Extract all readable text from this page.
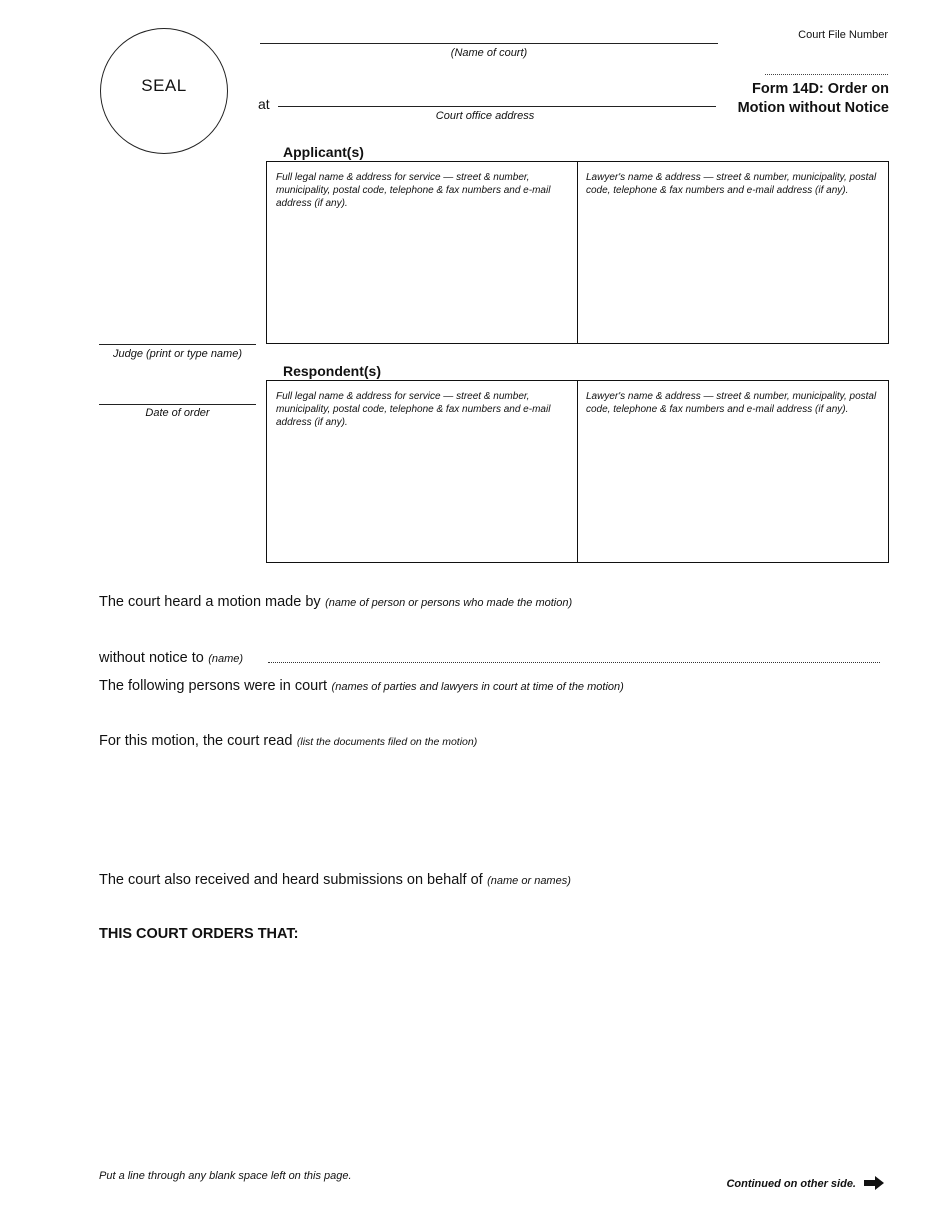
Court File Number
SEAL
(Name of court)
at
Court office address
Form 14D: Order on
Motion without Notice
Judge (print or type name)
Date of order
Applicant(s)
Full legal name & address for service — street & number, municipality, postal code, telephone & fax numbers and e-mail address (if any).
Lawyer's name & address — street & number, municipality, postal code, telephone & fax numbers and e-mail address (if any).
Respondent(s)
Full legal name & address for service — street & number, municipality, postal code, telephone & fax numbers and e-mail address (if any).
Lawyer's name & address — street & number, municipality, postal code, telephone & fax numbers and e-mail address (if any).
The court heard a motion made by (name of person or persons who made the motion)
without notice to (name)
The following persons were in court (names of parties and lawyers in court at time of the motion)
For this motion, the court read (list the documents filed on the motion)
The court also received and heard submissions on behalf of (name or names)
THIS COURT ORDERS THAT:
Put a line through any blank space left on this page.
Continued on other side.
